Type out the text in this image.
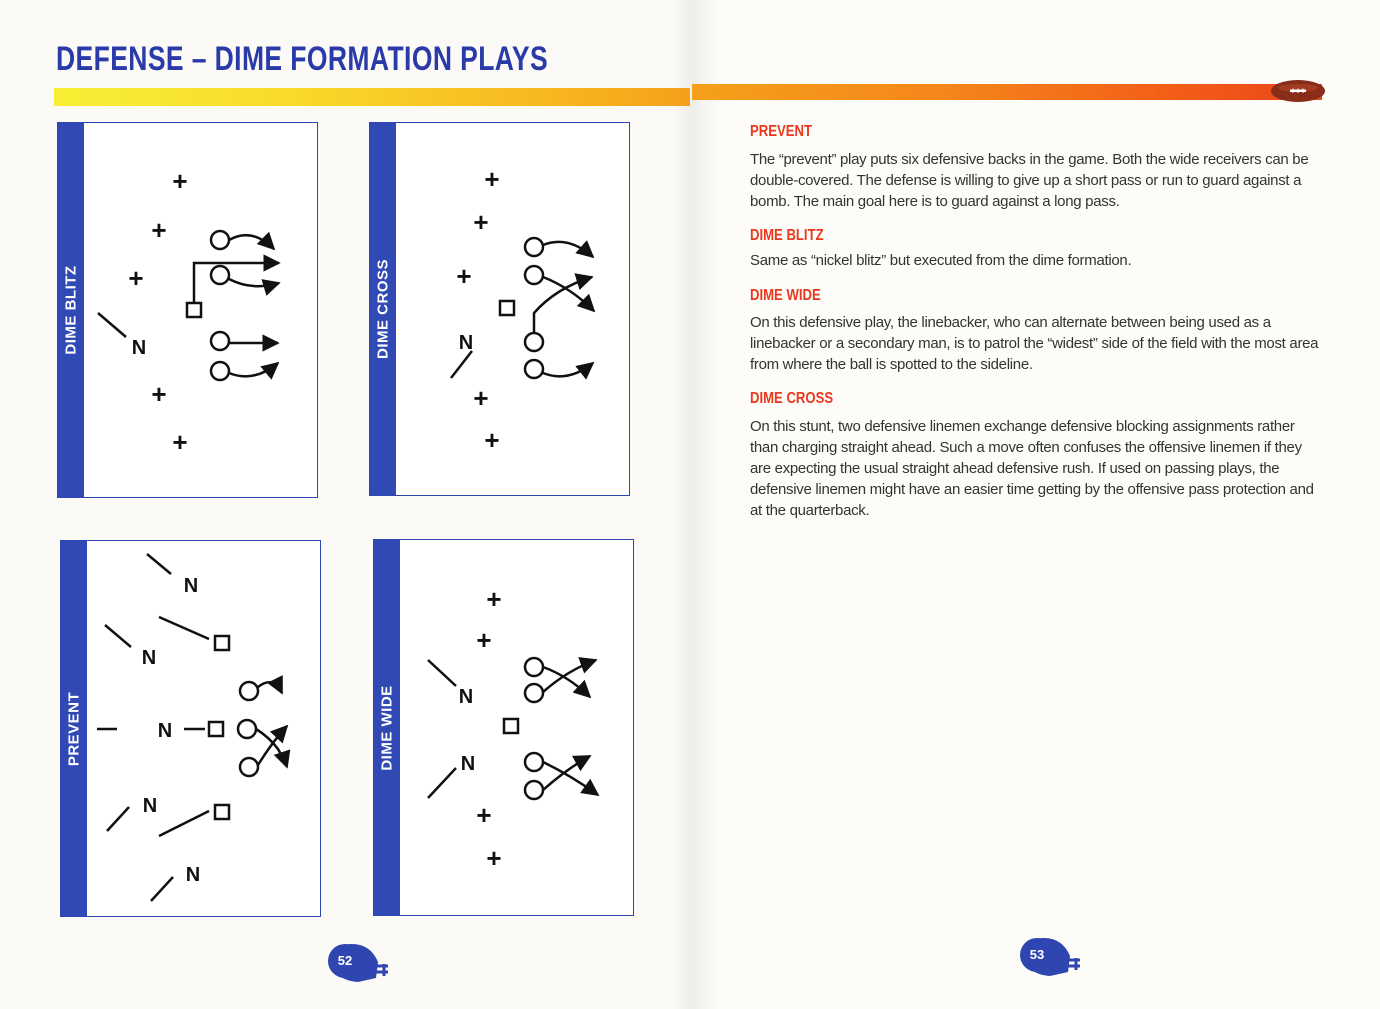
DEFENSE – DIME FORMATION PLAYS
DIME BLITZ
+
+
+
+
+
N	DIME CROSS
+
+
+
+
+
N
PREVENT
N
N
N
N
N
DIME WIDE
+
+
+
+
N
N
PREVENT

The “prevent” play puts six defensive backs in the game. Both the wide receivers can be double-covered. The defense is willing to give up a short pass or run to guard against a bomb. The main goal here is to guard against a long pass.

DIME BLITZ

Same as “nickel blitz” but executed from the dime formation.

DIME WIDE

On this defensive play, the linebacker, who can alternate between being used as a linebacker or a secondary man, is to patrol the “widest” side of the field with the most area from where the ball is spotted to the sideline.

DIME CROSS

On this stunt, two defensive linemen exchange defensive blocking assignments rather than charging straight ahead. Such a move often confuses the offensive linemen if they are expecting the usual straight ahead defensive rush. If used on passing plays, the defensive linemen might have an easier time getting by the offensive pass protection and at the quarterback.

52	53
